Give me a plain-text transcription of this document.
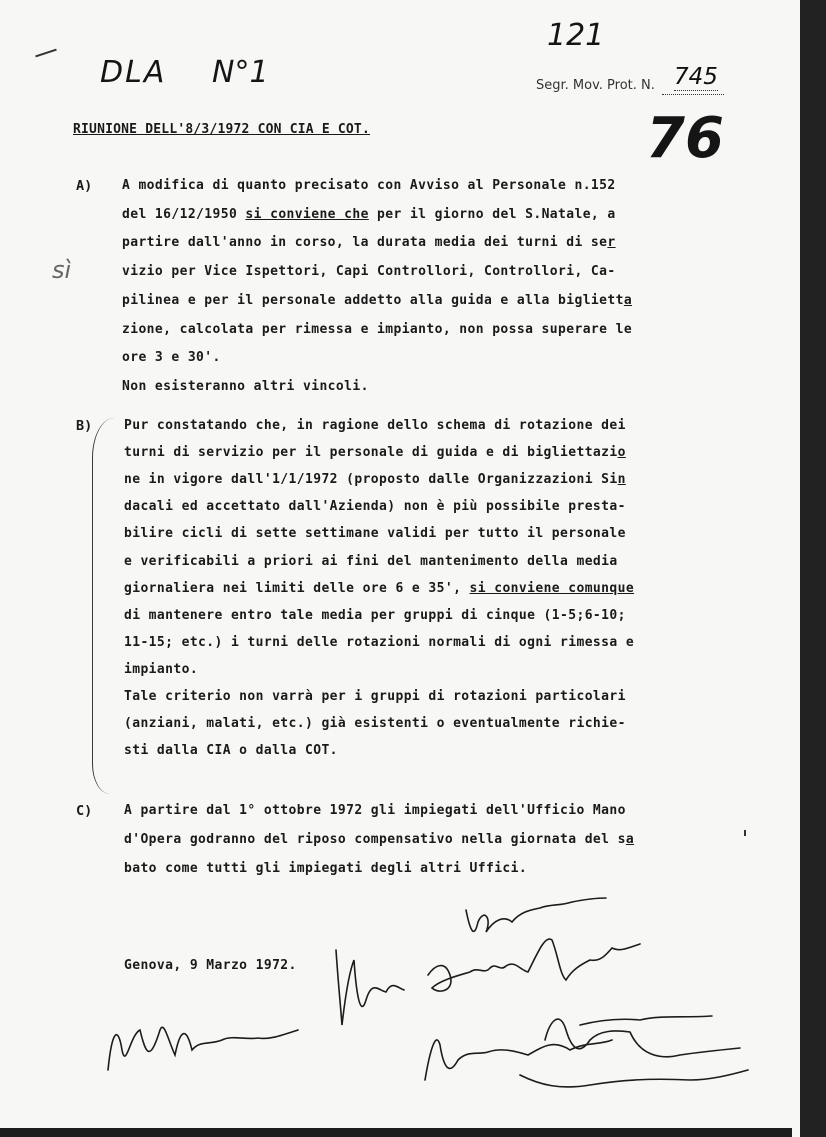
DLA N°1
121
76
sì
Segr. Mov. Prot. N. 745
RIUNIONE DELL'8/3/1972 CON CIA E COT.
A) A modifica di quanto precisato con Avviso al Personale n.152
del 16/12/1950 si conviene che per il giorno del S.Natale, a
partire dall'anno in corso, la durata media dei turni di ser
vizio per Vice Ispettori, Capi Controllori, Controllori, Ca-
pilinea e per il personale addetto alla guida e alla biglietta
zione, calcolata per rimessa e impianto, non possa superare le
ore 3 e 30'.
Non esisteranno altri vincoli.
B) Pur constatando che, in ragione dello schema di rotazione dei
turni di servizio per il personale di guida e di bigliettazio
ne in vigore dall'1/1/1972 (proposto dalle Organizzazioni Sin
dacali ed accettato dall'Azienda) non è più possibile presta-
bilire cicli di sette settimane validi per tutto il personale
e verificabili a priori ai fini del mantenimento della media
giornaliera nei limiti delle ore 6 e 35', si conviene comunque
di mantenere entro tale media per gruppi di cinque (1-5;6-10;
11-15; etc.) i turni delle rotazioni normali di ogni rimessa e
impianto.
Tale criterio non varrà per i gruppi di rotazioni particolari
(anziani, malati, etc.) già esistenti o eventualmente richie-
sti dalla CIA o dalla COT.
C) A partire dal 1° ottobre 1972 gli impiegati dell'Ufficio Mano
d'Opera godranno del riposo compensativo nella giornata del sa
bato come tutti gli impiegati degli altri Uffici.
Genova, 9 Marzo 1972.
